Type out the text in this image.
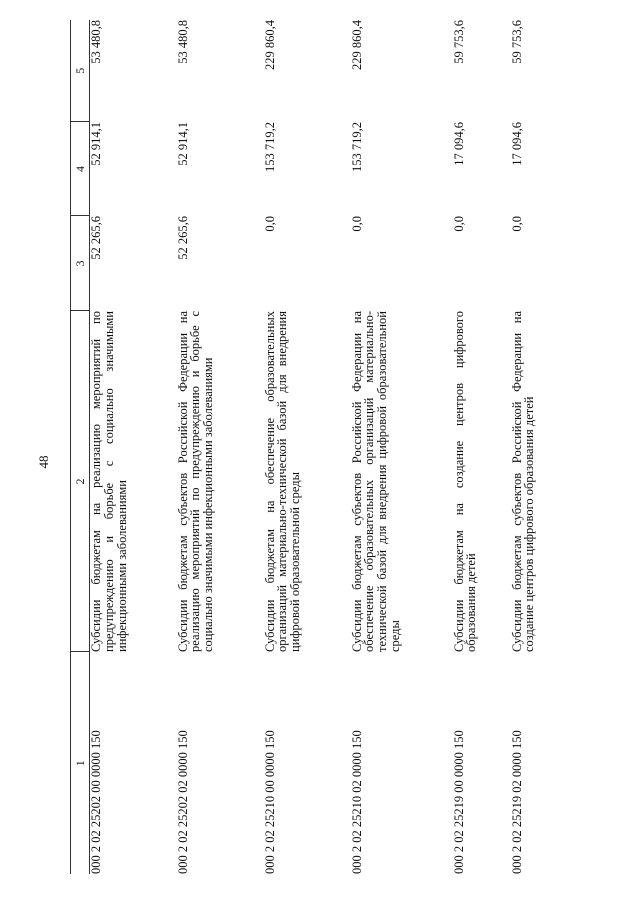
48
1	2	3	4	5
000 2 02 25202 00 0000 150	Субсидии бюджетам на реализацию мероприятий по предупреждению и борьбе с социально значимыми инфекционными заболеваниями	52 265,6	52 914,1	53 480,8
000 2 02 25202 02 0000 150	Субсидии бюджетам субъектов Российской Федерации на реализацию мероприятий по предупреждению и борьбе с социально значимыми инфекционными заболеваниями	52 265,6	52 914,1	53 480,8
000 2 02 25210 00 0000 150	Субсидии бюджетам на обеспечение образовательных организаций материально-технической базой для внедрения цифровой образовательной среды	0,0	153 719,2	229 860,4
000 2 02 25210 02 0000 150	Субсидии бюджетам субъектов Российской Федерации на обеспечение образовательных организаций материально-технической базой для внедрения цифровой образовательной среды	0,0	153 719,2	229 860,4
000 2 02 25219 00 0000 150	Субсидии бюджетам на создание центров цифрового образования детей	0,0	17 094,6	59 753,6
000 2 02 25219 02 0000 150	Субсидии бюджетам субъектов Российской Федерации на создание центров цифрового образования детей	0,0	17 094,6	59 753,6
